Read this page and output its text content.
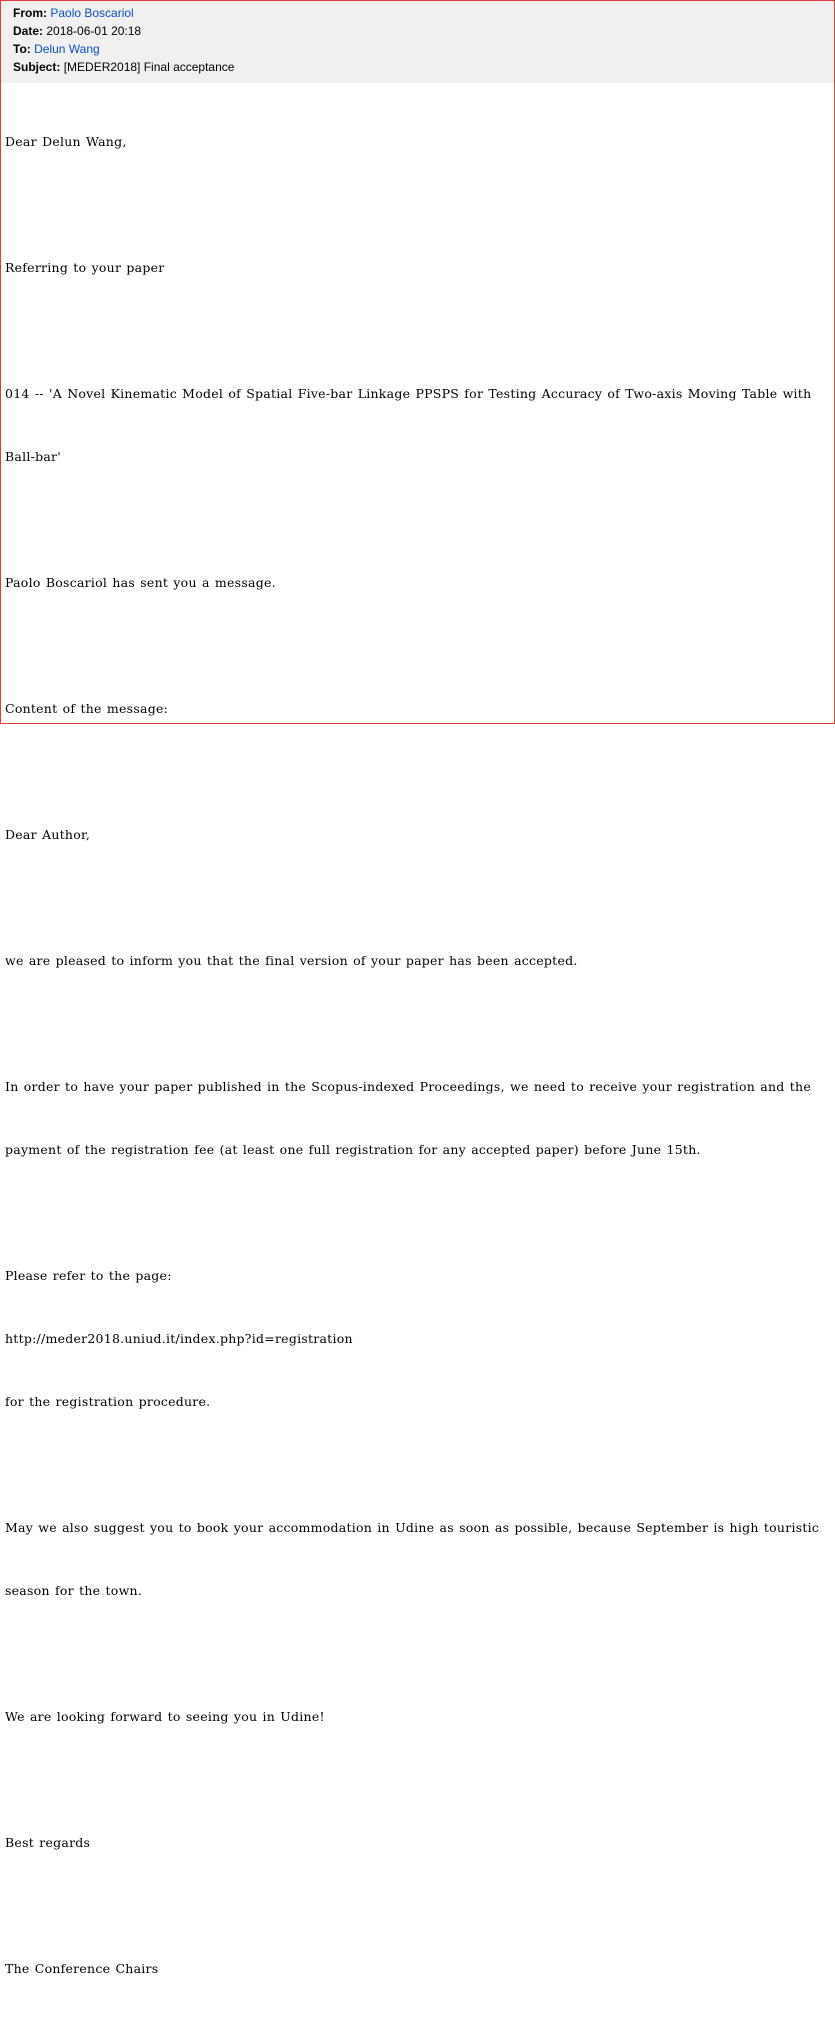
From: Paolo Boscariol
Date: 2018-06-01 20:18
To: Delun Wang
Subject: [MEDER2018] Final acceptance

Dear Delun Wang,

Referring to your paper

014 -- 'A Novel Kinematic Model of Spatial Five-bar Linkage PPSPS for Testing Accuracy of Two-axis Moving Table with

Ball-bar'

Paolo Boscariol has sent you a message.

Content of the message:

Dear Author,

we are pleased to inform you that the final version of your paper has been accepted.

In order to have your paper published in the Scopus-indexed Proceedings, we need to receive your registration and the

payment of the registration fee (at least one full registration for any accepted paper) before June 15th.

Please refer to the page:

http://meder2018.uniud.it/index.php?id=registration

for the registration procedure.

May we also suggest you to book your accommodation in Udine as soon as possible, because September is high touristic

season for the town.

We are looking forward to seeing you in Udine!

Best regards

The Conference Chairs
